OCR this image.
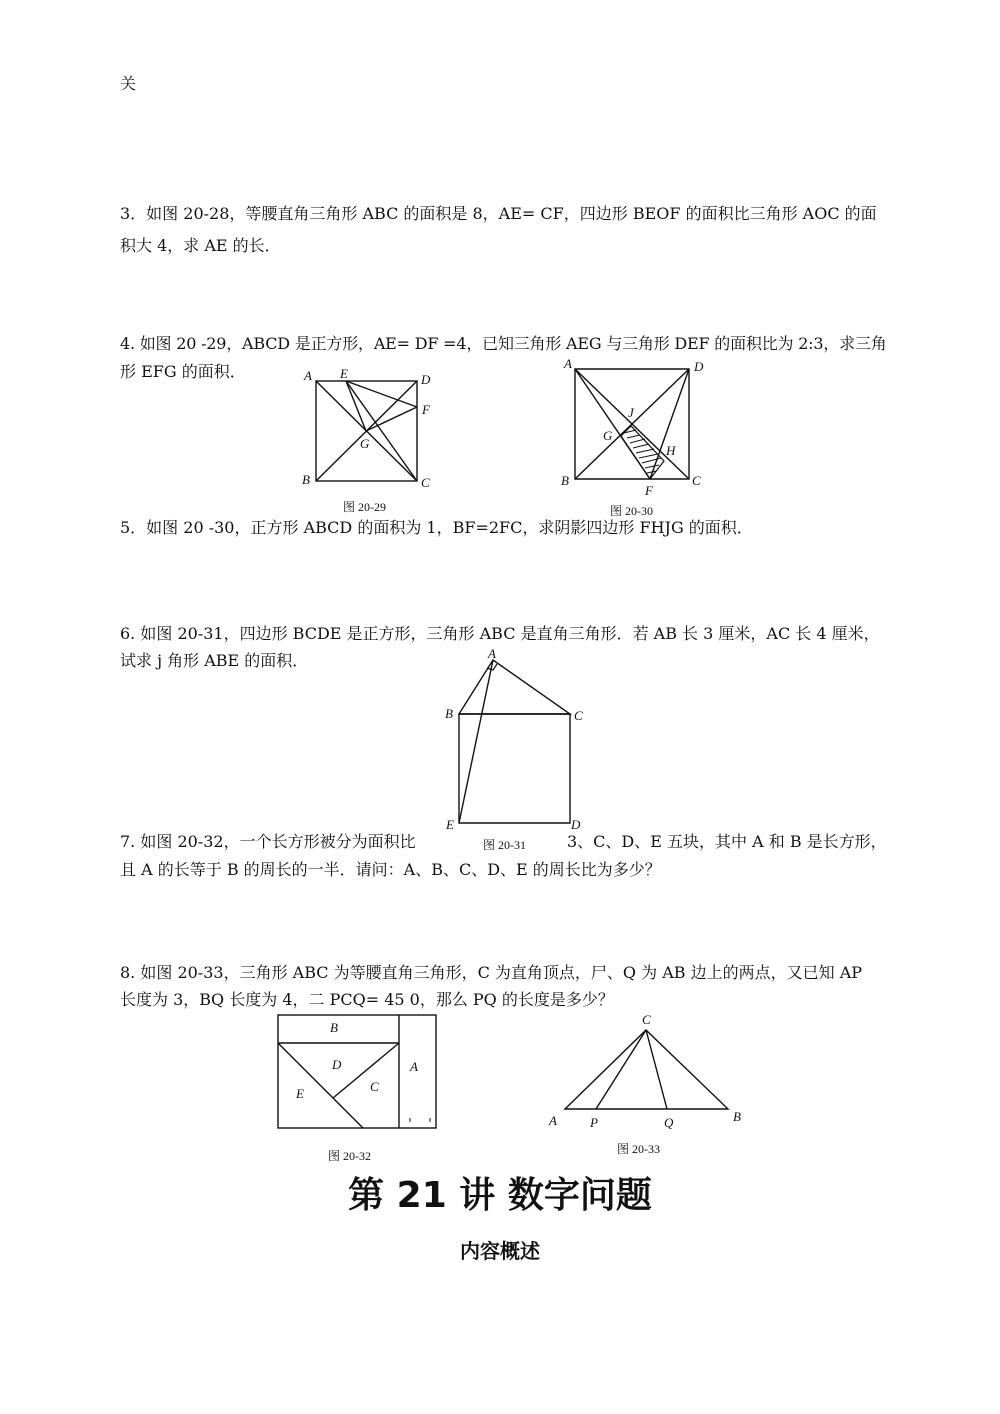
关
3．如图 20-28，等腰直角三角形 ABC 的面积是 8，AE= CF，四边形 BEOF 的面积比三角形 AOC 的面
积大 4，求 AE 的长．
4. 如图 20 -29，ABCD 是正方形，AE= DF =4，已知三角形 AEG 与三角形 DEF 的面积比为 2:3，求三角
形 EFG 的面积．	A E	D
F
G
B	C
图 20-29
A	D
J
G
H
B
F
C
图 20-30
5．如图 20 -30，正方形 ABCD 的面积为 1，BF=2FC，求阴影四边形 FHJG 的面积．
6. 如图 20-31，四边形 BCDE 是正方形，三角形 ABC 是直角三角形．若 AB 长 3 厘米，AC 长 4 厘米，
试求 j 角形 ABE 的面积．	A
B	C
E	D
7. 如图 20-32，一个长方形被分为面积比	图 20-31	3、C、D、E 五块，其中 A 和 B 是长方形，
且 A 的长等于 B 的周长的一半．请问：A、B、C、D、E 的周长比为多少？
8. 如图 20-33，三角形 ABC 为等腰直角三角形，C 为直角顶点，尸、Q 为 AB 边上的两点，又已知 AP
长度为 3，BQ 长度为 4，二 PCQ= 45 0，那么 PQ 的长度是多少？
B
D	A
C
E
图 20-32
C
A	P	Q	B
图 20-33
第 21 讲 数字问题
内容概述
